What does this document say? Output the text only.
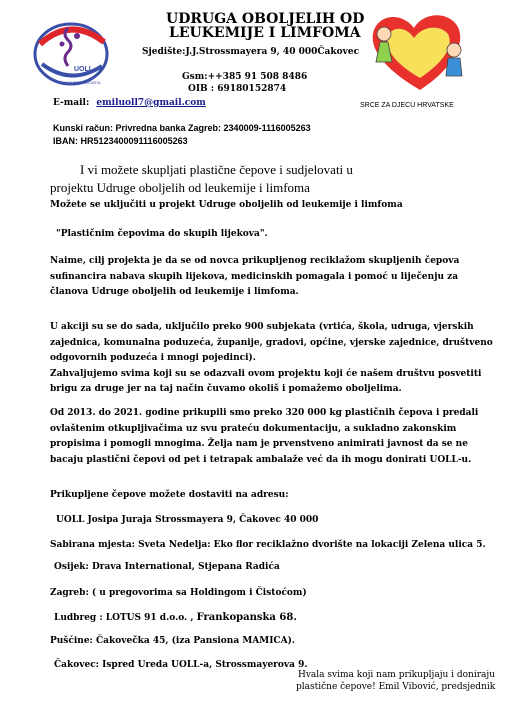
UOLL
ČAKOVEC · CROATIA
UDRUGA OBOLJELIH OD
LEUKEMIJE I LIMFOMA
Sjedište:J.J.Strossmayera 9, 40 000Čakovec
Gsm:++385 91 508 8486
OIB : 69180152874
E-mail: emiluoll7@gmail.com	SRCE ZA DJECU HRVATSKE
Kunski račun: Privredna banka Zagreb: 2340009-1116005263
IBAN: HR5123400091116005263
I vi možete skupljati plastične čepove i sudjelovati u
projektu Udruge oboljelih od leukemije i limfoma
Možete se uključiti u projekt Udruge oboljelih od leukemije i limfoma
"Plastičnim čepovima do skupih lijekova".
Naime, cilj projekta je da se od novca prikupljenog reciklažom skupljenih čepova
sufinancira nabava skupih lijekova, medicinskih pomagala i pomoć u liječenju za
članova Udruge oboljelih od leukemije i limfoma.
U akciji su se do sada, uključilo preko 900 subjekata (vrtića, škola, udruga, vjerskih
zajednica, komunalna poduzeća, županije, gradovi, općine, vjerske zajednice, društveno
odgovornih poduzeća i mnogi pojedinci).
Zahvaljujemo svima koji su se odazvali ovom projektu koji će našem društvu posvetiti
brigu za druge jer na taj način čuvamo okoliš i pomažemo oboljelima.
Od 2013. do 2021. godine prikupili smo preko 320 000 kg plastičnih čepova i predali
ovlaštenim otkupljivačima uz svu prateću dokumentaciju, a sukladno zakonskim
propisima i pomogli mnogima. Želja nam je prvenstveno animirati javnost da se ne
bacaju plastični čepovi od pet i tetrapak ambalaže već da ih mogu donirati UOLL-u.
Prikupljene čepove možete dostaviti na adresu:
UOLL Josipa Juraja Strossmayera 9, Čakovec 40 000
Sabirana mjesta: Sveta Nedelja: Eko flor reciklažno dvorište na lokaciji Zelena ulica 5.
Osijek: Drava International, Stjepana Radića
Zagreb: ( u pregovorima sa Holdingom i Čistoćom)
Ludbreg : LOTUS 91 d.o.o. , Frankopanska 68.
Pušćine: Čakovečka 45, (iza Pansiona MAMICA).
Čakovec: Ispred Ureda UOLL-a, Strossmayerova 9.
Hvala svima koji nam prikupljaju i doniraju
plastične čepove! Emil Vibović, predsjednik
